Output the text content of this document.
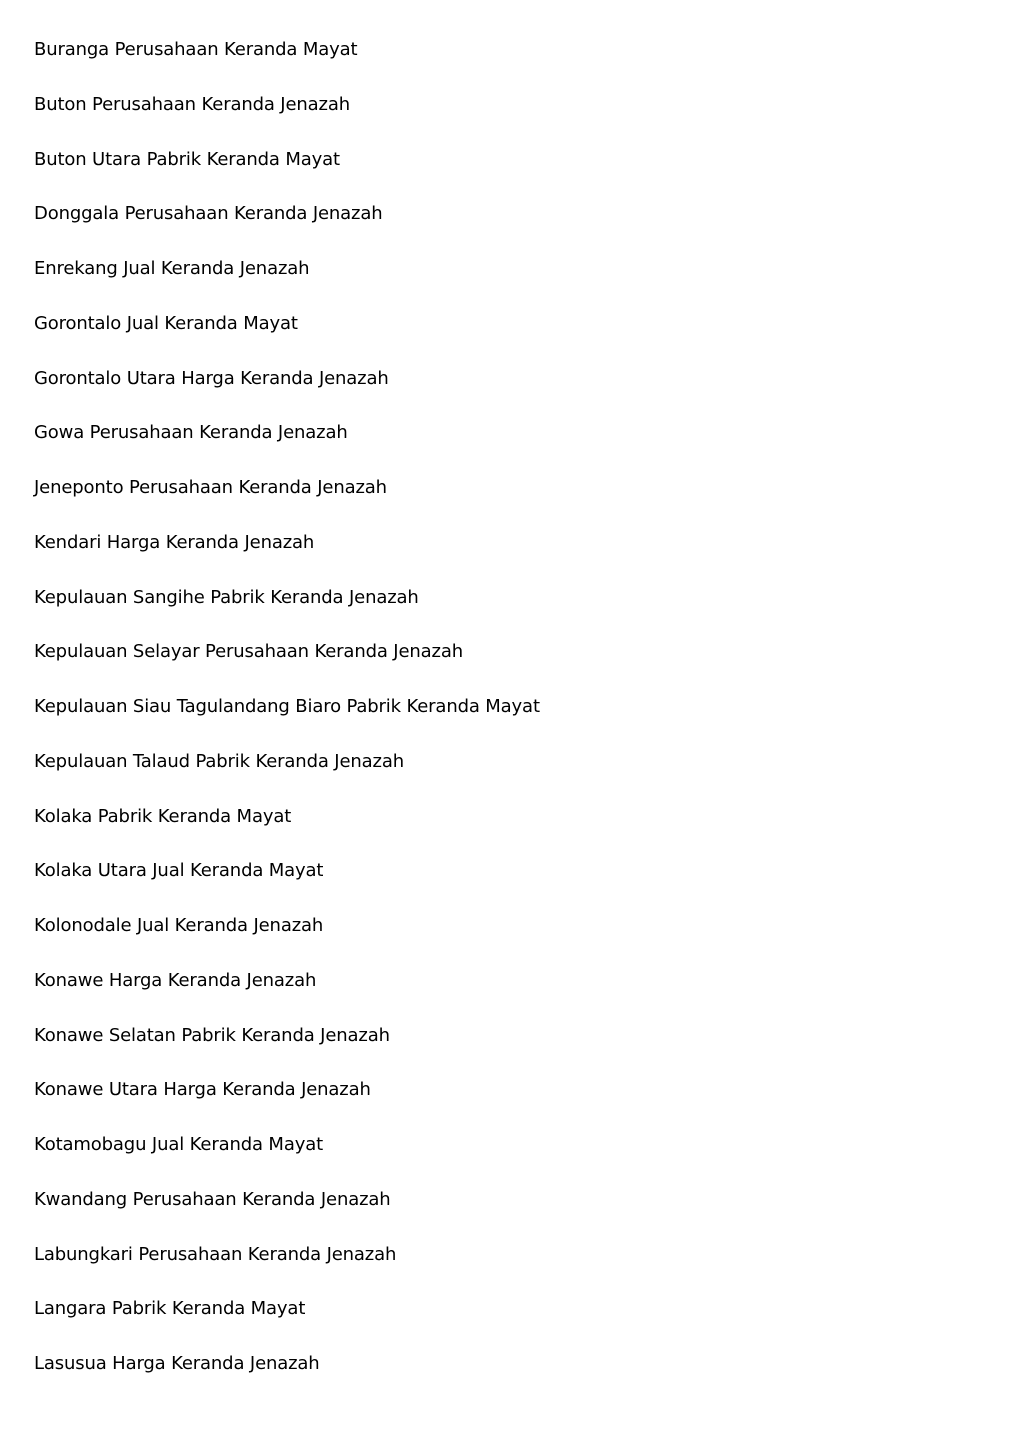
Buranga Perusahaan Keranda Mayat
Buton Perusahaan Keranda Jenazah
Buton Utara Pabrik Keranda Mayat
Donggala Perusahaan Keranda Jenazah
Enrekang Jual Keranda Jenazah
Gorontalo Jual Keranda Mayat
Gorontalo Utara Harga Keranda Jenazah
Gowa Perusahaan Keranda Jenazah
Jeneponto Perusahaan Keranda Jenazah
Kendari Harga Keranda Jenazah
Kepulauan Sangihe Pabrik Keranda Jenazah
Kepulauan Selayar Perusahaan Keranda Jenazah
Kepulauan Siau Tagulandang Biaro Pabrik Keranda Mayat
Kepulauan Talaud Pabrik Keranda Jenazah
Kolaka Pabrik Keranda Mayat
Kolaka Utara Jual Keranda Mayat
Kolonodale Jual Keranda Jenazah
Konawe Harga Keranda Jenazah
Konawe Selatan Pabrik Keranda Jenazah
Konawe Utara Harga Keranda Jenazah
Kotamobagu Jual Keranda Mayat
Kwandang Perusahaan Keranda Jenazah
Labungkari Perusahaan Keranda Jenazah
Langara Pabrik Keranda Mayat
Lasusua Harga Keranda Jenazah
